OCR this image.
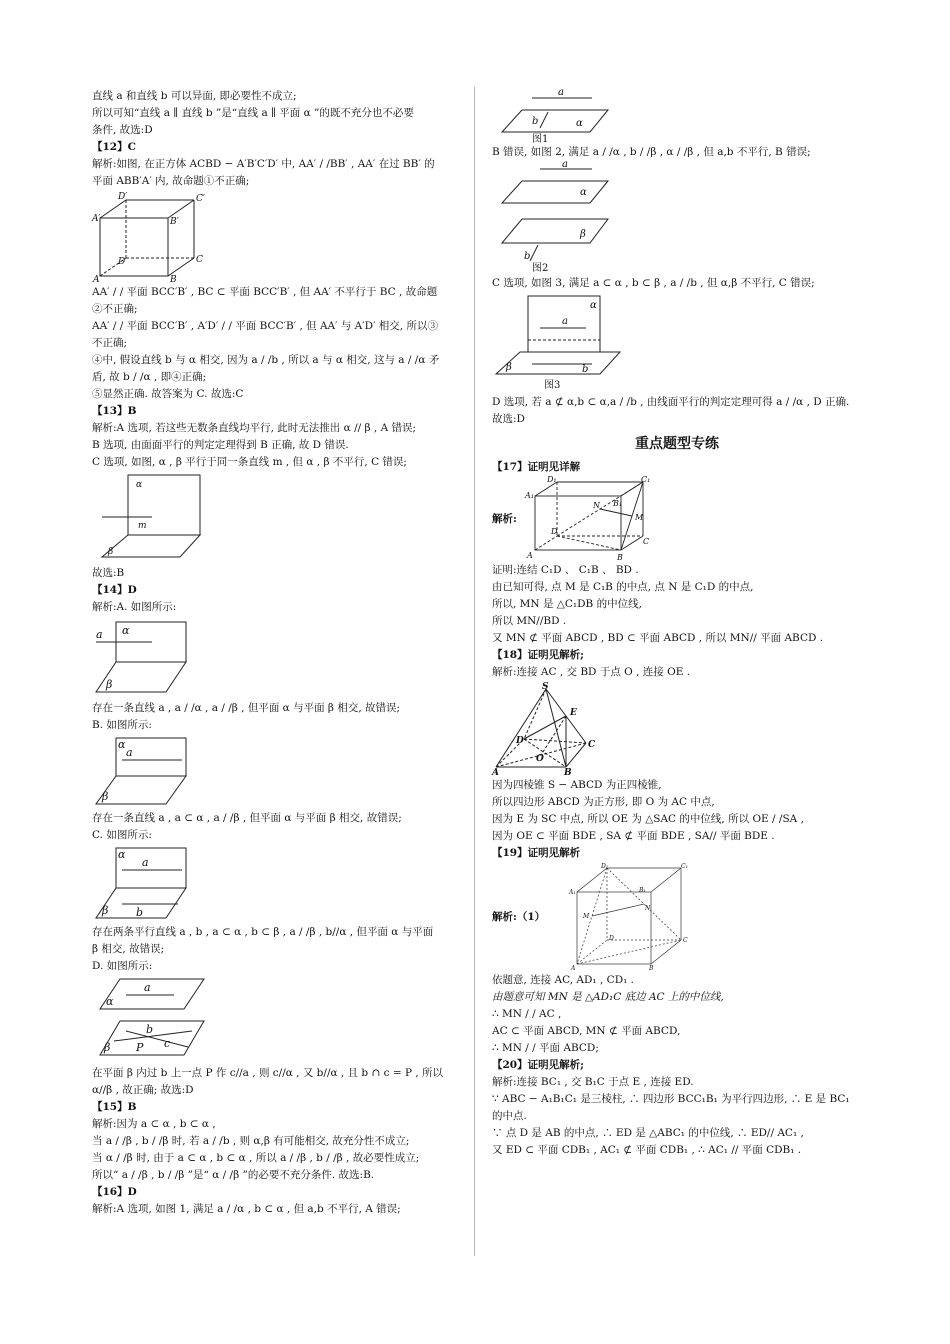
直线 a 和直线 b 可以异面, 即必要性不成立;
所以可知“直线 a ∥ 直线 b ”是“直线 a ∥ 平面 α ”的既不充分也不必要
条件, 故选:D
【12】C
解析:如图, 在正方体 ACBD − A′B′C′D′ 中, AA′ / /BB′ , AA′ 在过 BB′ 的
平面 ABB′A′ 内, 故命题①不正确;
D′	C′
A′	B′
D	C
A	B
AA′ / / 平面 BCC′B′ , BC ⊂ 平面 BCC′B′ , 但 AA′ 不平行于 BC , 故命题
②不正确;
AA′ / / 平面 BCC′B′ , A′D′ / / 平面 BCC′B′ , 但 AA′ 与 A′D′ 相交, 所以③
不正确;
④中, 假设直线 b 与 α 相交, 因为 a / /b , 所以 a 与 α 相交, 这与 a / /α 矛
盾, 故 b / /α , 即④正确;
⑤显然正确. 故答案为 C. 故选:C
【13】B
解析:A 选项, 若这些无数条直线均平行, 此时无法推出 α // β , A 错误;
B 选项, 由面面平行的判定定理得到 B 正确, 故 D 错误.
C 选项, 如图, α , β 平行于同一条直线 m , 但 α , β 不平行, C 错误;
α
m
β
故选:B
【14】D
解析:A. 如图所示:
a α
β
存在一条直线 a , a / /α , a / /β , 但平面 α 与平面 β 相交, 故错误;
B. 如图所示:
a
α
β
存在一条直线 a , a ⊂ α , a / /β , 但平面 α 与平面 β 相交, 故错误;
C. 如图所示:
a
α
β	b
存在两条平行直线 a , b , a ⊂ α , b ⊂ β , a / /β , b//α , 但平面 α 与平面
β 相交, 故错误;
D. 如图所示:
a
α
b
β P c
在平面 β 内过 b 上一点 P 作 c//a , 则 c//α , 又 b//α , 且 b ∩ c = P , 所以
α//β , 故正确; 故选:D
【15】B
解析:因为 a ⊂ α , b ⊂ α ,
当 a / /β , b / /β 时, 若 a / /b , 则 α,β 有可能相交, 故充分性不成立;
当 α / /β 时, 由于 a ⊂ α , b ⊂ α , 所以 a / /β , b / /β , 故必要性成立;
所以“ a / /β , b / /β ”是“ α / /β ”的必要不充分条件. 故选:B.
【16】D
解析:A 选项, 如图 1, 满足 a / /α , b ⊂ α , 但 a,b 不平行, A 错误;
a
b	α
图1
B 错误, 如图 2, 满足 a / /α , b / /β , α / /β , 但 a,b 不平行, B 错误;
a
α
β
b
图2
C 选项, 如图 3, 满足 a ⊂ α , b ⊂ β , a / /b , 但 α,β 不平行, C 错误;
α
a
β	b
图3
D 选项, 若 a ⊄ α,b ⊂ α,a / /b , 由线面平行的判定定理可得 a / /α , D 正确.
故选:D
重点题型专练
【17】证明见详解
解析:
D₁	C₁
A₁
B₁
N
M
D
C
A	B
证明:连结 C₁D 、 C₁B 、 BD .
由已知可得, 点 M 是 C₁B 的中点, 点 N 是 C₁D 的中点,
所以, MN 是 △C₁DB 的中位线,
所以 MN//BD .
又 MN ⊄ 平面 ABCD , BD ⊂ 平面 ABCD , 所以 MN// 平面 ABCD .
【18】证明见解析;
解析:连接 AC , 交 BD 于点 O , 连接 OE .
S
E
D
O
C
A	B
因为四棱锥 S − ABCD 为正四棱锥,
所以四边形 ABCD 为正方形, 即 O 为 AC 中点,
因为 E 为 SC 中点, 所以 OE 为 △SAC 的中位线, 所以 OE / /SA ,
因为 OE ⊂ 平面 BDE , SA ⊄ 平面 BDE , SA// 平面 BDE .
【19】证明见解析
解析:（1）
D₁	C₁
A₁	B₁
M
N
D	C
A	B
依题意, 连接 AC, AD₁ , CD₁ .
由题意可知 MN 是 △AD₁C 底边 AC 上的中位线,
∴ MN / / AC ,
AC ⊂ 平面 ABCD, MN ⊄ 平面 ABCD,
∴ MN / / 平面 ABCD;
【20】证明见解析;
解析:连接 BC₁ , 交 B₁C 于点 E , 连接 ED.
∵ ABC − A₁B₁C₁ 是三棱柱, ∴ 四边形 BCC₁B₁ 为平行四边形, ∴ E 是 BC₁
的中点.
∵ 点 D 是 AB 的中点, ∴ ED 是 △ABC₁ 的中位线, ∴ ED// AC₁ ,
又 ED ⊂ 平面 CDB₁ , AC₁ ⊄ 平面 CDB₁ , ∴ AC₁ // 平面 CDB₁ .
